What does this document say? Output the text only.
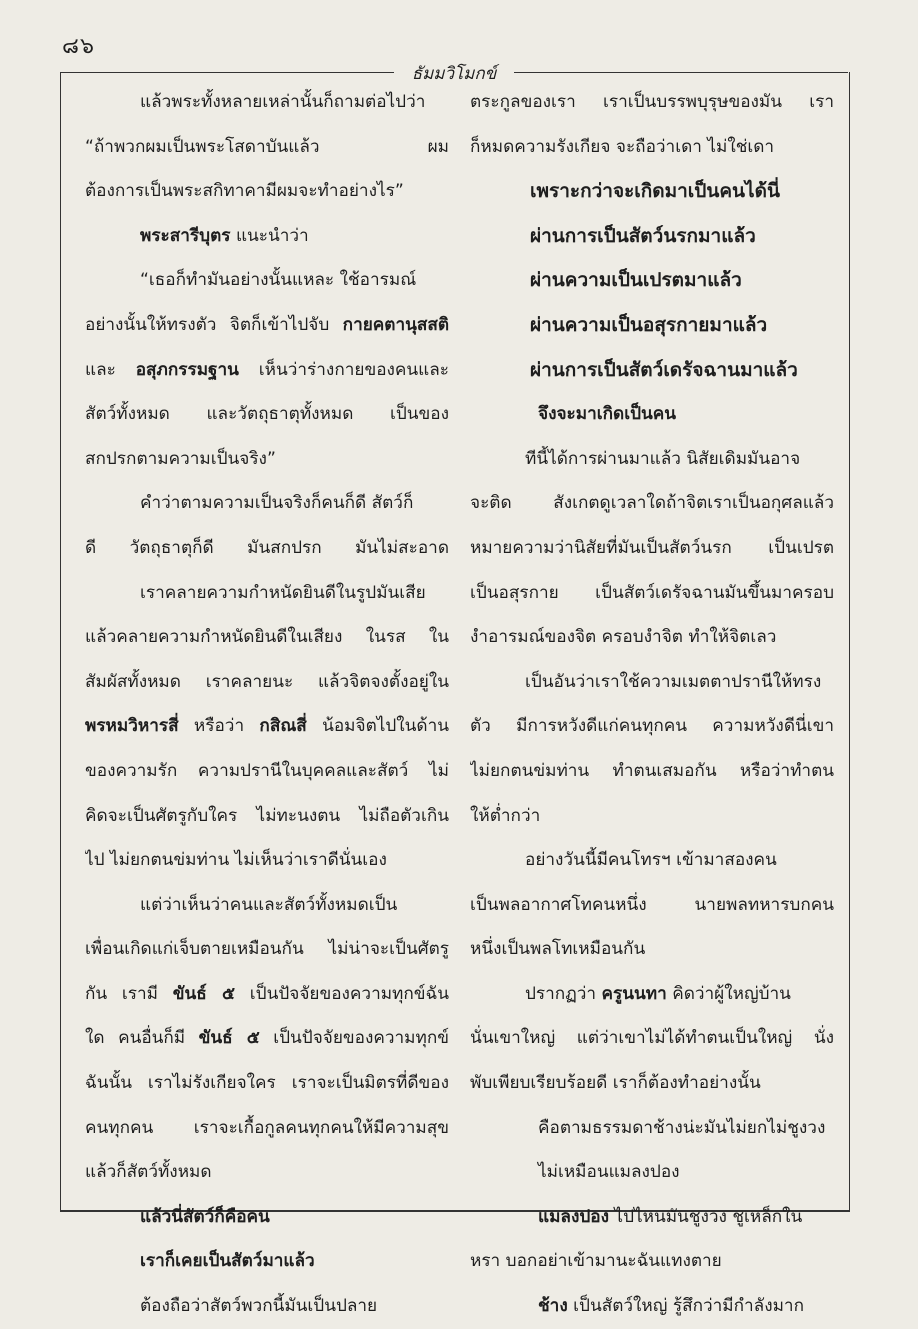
๘๖
ธัมมวิโมกข์
แล้วพระทั้งหลายเหล่านั้นก็ถามต่อไปว่า
“ถ้าพวกผมเป็นพระโสดาบันแล้ว ผม
ต้องการเป็นพระสกิทาคามีผมจะทำอย่างไร”
พระสารีบุตร แนะนำว่า
“เธอก็ทำมันอย่างนั้นแหละ ใช้อารมณ์
อย่างนั้นให้ทรงตัว จิตก็เข้าไปจับ กายคตานุสสติ
และ อสุภกรรมฐาน เห็นว่าร่างกายของคนและ
สัตว์ทั้งหมด และวัตถุธาตุทั้งหมด เป็นของ
สกปรกตามความเป็นจริง”
คำว่าตามความเป็นจริงก็คนก็ดี สัตว์ก็
ดี วัตถุธาตุก็ดี มันสกปรก มันไม่สะอาด
เราคลายความกำหนัดยินดีในรูปมันเสีย
แล้วคลายความกำหนัดยินดีในเสียง ในรส ใน
สัมผัสทั้งหมด เราคลายนะ แล้วจิตจงตั้งอยู่ใน
พรหมวิหารสี่ หรือว่า กสิณสี่ น้อมจิตไปในด้าน
ของความรัก ความปรานีในบุคคลและสัตว์ ไม่
คิดจะเป็นศัตรูกับใคร ไม่ทะนงตน ไม่ถือตัวเกิน
ไป ไม่ยกตนข่มท่าน ไม่เห็นว่าเราดีนั่นเอง
แต่ว่าเห็นว่าคนและสัตว์ทั้งหมดเป็น
เพื่อนเกิดแก่เจ็บตายเหมือนกัน ไม่น่าจะเป็นศัตรู
กัน เรามี ขันธ์ ๕ เป็นปัจจัยของความทุกข์ฉัน
ใด คนอื่นก็มี ขันธ์ ๕ เป็นปัจจัยของความทุกข์
ฉันนั้น เราไม่รังเกียจใคร เราจะเป็นมิตรที่ดีของ
คนทุกคน เราจะเกื้อกูลคนทุกคนให้มีความสุข
แล้วก็สัตว์ทั้งหมด
แล้วนี่สัตว์ก็คือคน
เราก็เคยเป็นสัตว์มาแล้ว
ต้องถือว่าสัตว์พวกนี้มันเป็นปลาย
ตระกูลของเรา เราเป็นบรรพบุรุษของมัน เรา
ก็หมดความรังเกียจ จะถือว่าเดา ไม่ใช่เดา
เพราะกว่าจะเกิดมาเป็นคนได้นี่
ผ่านการเป็นสัตว์นรกมาแล้ว
ผ่านความเป็นเปรตมาแล้ว
ผ่านความเป็นอสุรกายมาแล้ว
ผ่านการเป็นสัตว์เดรัจฉานมาแล้ว
จึงจะมาเกิดเป็นคน
ทีนี้ได้การผ่านมาแล้ว นิสัยเดิมมันอาจ
จะติด สังเกตดูเวลาใดถ้าจิตเราเป็นอกุศลแล้ว
หมายความว่านิสัยที่มันเป็นสัตว์นรก เป็นเปรต
เป็นอสุรกาย เป็นสัตว์เดรัจฉานมันขึ้นมาครอบ
งำอารมณ์ของจิต ครอบงำจิต ทำให้จิตเลว
เป็นอันว่าเราใช้ความเมตตาปรานีให้ทรง
ตัว มีการหวังดีแก่คนทุกคน ความหวังดีนี่เขา
ไม่ยกตนข่มท่าน ทำตนเสมอกัน หรือว่าทำตน
ให้ต่ำกว่า
อย่างวันนี้มีคนโทรฯ เข้ามาสองคน
เป็นพลอากาศโทคนหนึ่ง นายพลทหารบกคน
หนึ่งเป็นพลโทเหมือนกัน
ปรากฏว่า ครูนนทา คิดว่าผู้ใหญ่บ้าน
นั่นเขาใหญ่ แต่ว่าเขาไม่ได้ทำตนเป็นใหญ่ นั่ง
พับเพียบเรียบร้อยดี เราก็ต้องทำอย่างนั้น
คือตามธรรมดาช้างน่ะมันไม่ยกไม่ชูงวง
ไม่เหมือนแมลงปอง
แมลงปอง ไปไหนมันชูงวง ชูเหล็กใน
หรา บอกอย่าเข้ามานะฉันแทงตาย
ช้าง เป็นสัตว์ใหญ่ รู้สึกว่ามีกำลังมาก
